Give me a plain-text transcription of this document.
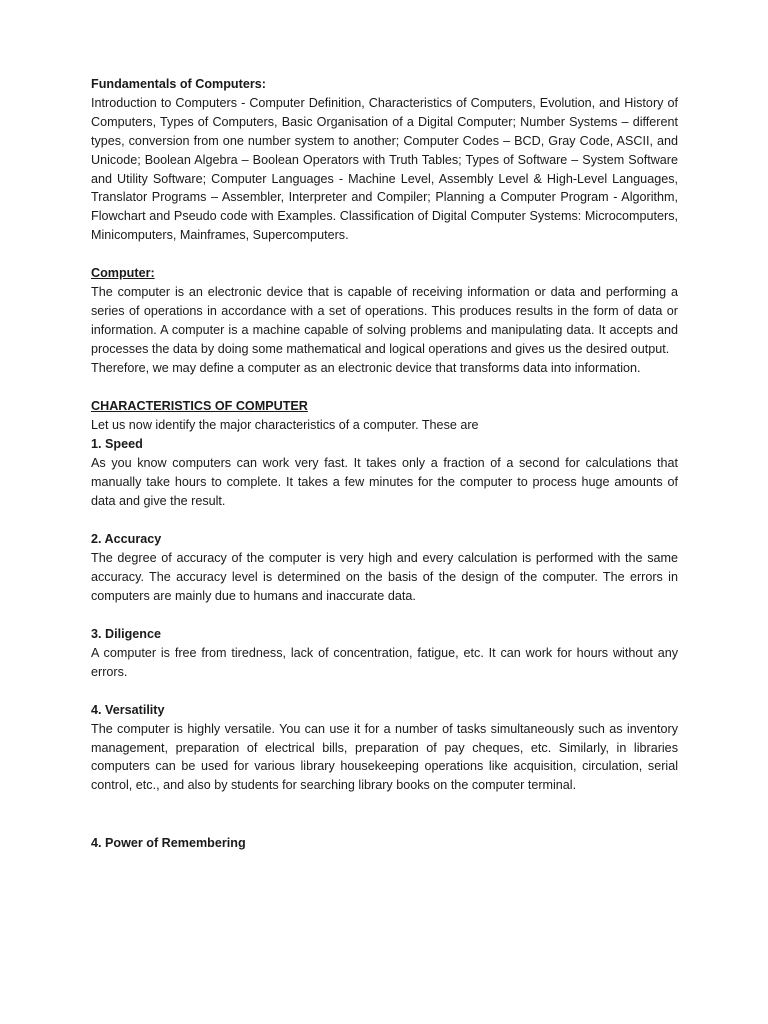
Fundamentals of Computers:

Introduction to Computers - Computer Definition, Characteristics of Computers, Evolution, and History of Computers, Types of Computers, Basic Organisation of a Digital Computer; Number Systems – different types, conversion from one number system to another; Computer Codes – BCD, Gray Code, ASCII, and Unicode; Boolean Algebra – Boolean Operators with Truth Tables; Types of Software – System Software and Utility Software; Computer Languages - Machine Level, Assembly Level & High-Level Languages, Translator Programs – Assembler, Interpreter and Compiler; Planning a Computer Program - Algorithm, Flowchart and Pseudo code with Examples. Classification of Digital Computer Systems: Microcomputers, Minicomputers, Mainframes, Supercomputers.

Computer:

The computer is an electronic device that is capable of receiving information or data and performing a series of operations in accordance with a set of operations. This produces results in the form of data or information. A computer is a machine capable of solving problems and manipulating data. It accepts and processes the data by doing some mathematical and logical operations and gives us the desired output.

Therefore, we may define a computer as an electronic device that transforms data into information.

CHARACTERISTICS OF COMPUTER

Let us now identify the major characteristics of a computer. These are

1. Speed

As you know computers can work very fast. It takes only a fraction of a second for calculations that manually take hours to complete. It takes a few minutes for the computer to process huge amounts of data and give the result.

2. Accuracy

The degree of accuracy of the computer is very high and every calculation is performed with the same accuracy. The accuracy level is determined on the basis of the design of the computer. The errors in computers are mainly due to humans and inaccurate data.

3. Diligence

A computer is free from tiredness, lack of concentration, fatigue, etc. It can work for hours without any errors.

4. Versatility

The computer is highly versatile. You can use it for a number of tasks simultaneously such as inventory management, preparation of electrical bills, preparation of pay cheques, etc. Similarly, in libraries computers can be used for various library housekeeping operations like acquisition, circulation, serial control, etc., and also by students for searching library books on the computer terminal.

4. Power of Remembering
